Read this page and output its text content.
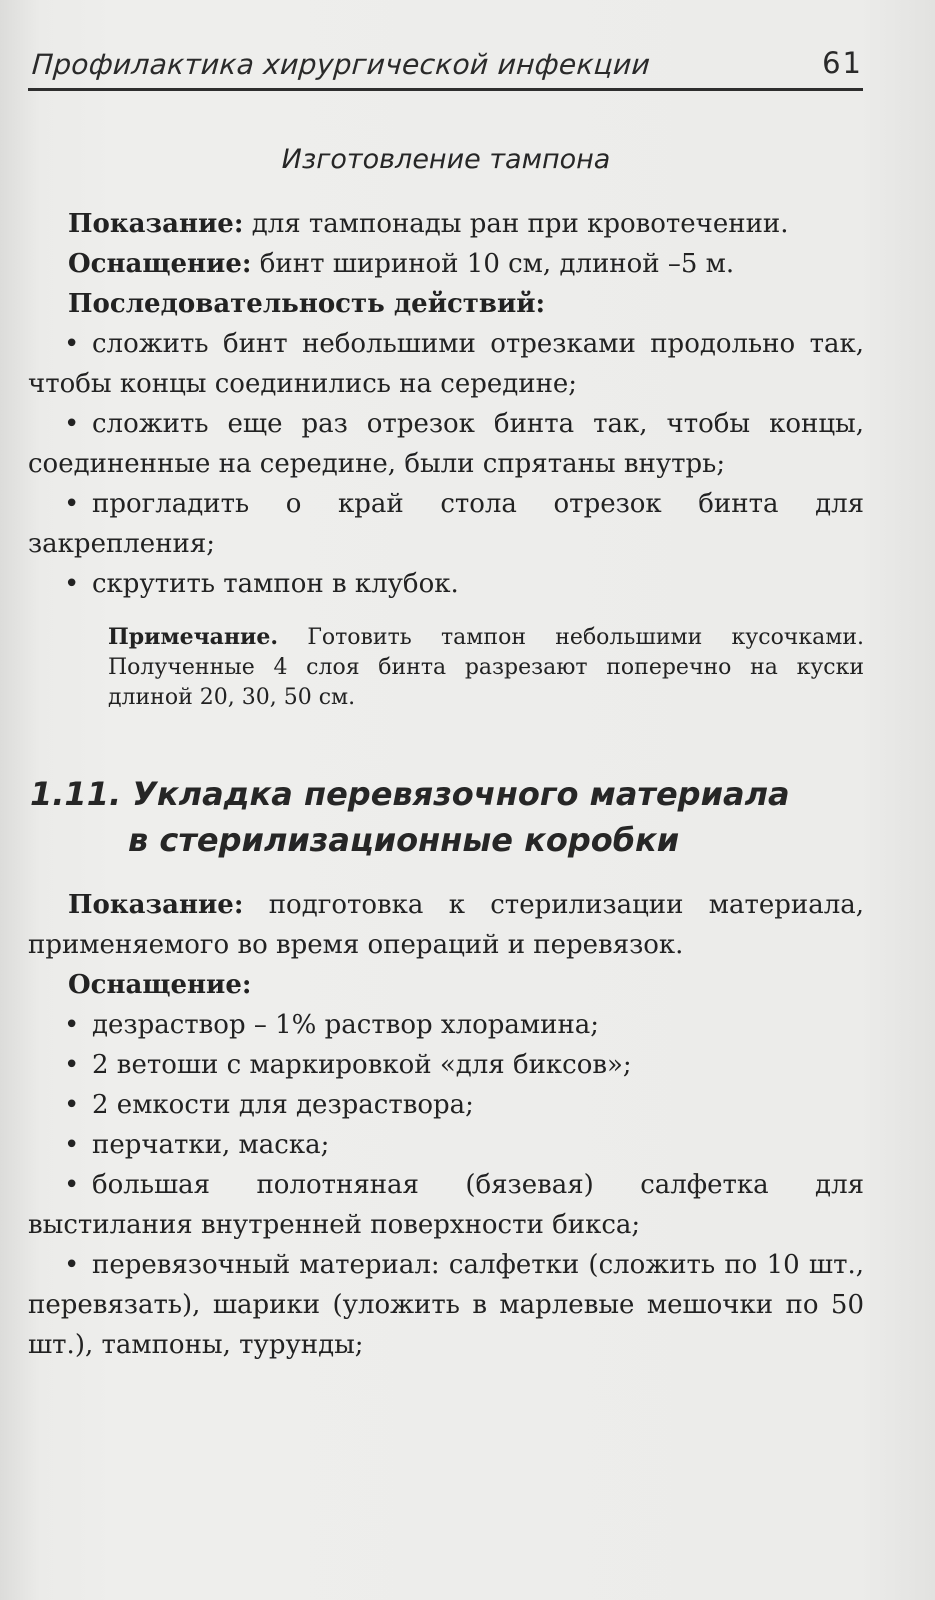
Профилактика хирургической инфекции	61
Изготовление тампона

Показание: для тампонады ран при кровотечении.

Оснащение: бинт шириной 10 см, длиной –5 м.

Последовательность действий:

• сложить бинт небольшими отрезками продольно так, чтобы концы соединились на середине;

• сложить еще раз отрезок бинта так, чтобы концы, соединенные на середине, были спрятаны внутрь;

• прогладить о край стола отрезок бинта для закрепления;

• скрутить тампон в клубок.

Примечание. Готовить тампон небольшими кусочками. Полученные 4 слоя бинта разрезают поперечно на куски длиной 20, 30, 50 см.

1.11. Укладка перевязочного материала
в стерилизационные коробки

Показание: подготовка к стерилизации материала, применяемого во время операций и перевязок.

Оснащение:

• дезраствор – 1% раствор хлорамина;

• 2 ветоши с маркировкой «для биксов»;

• 2 емкости для дезраствора;

• перчатки, маска;

• большая полотняная (бязевая) салфетка для выстилания внутренней поверхности бикса;

• перевязочный материал: салфетки (сложить по 10 шт., перевязать), шарики (уложить в марлевые мешочки по 50 шт.), тампоны, турунды;
